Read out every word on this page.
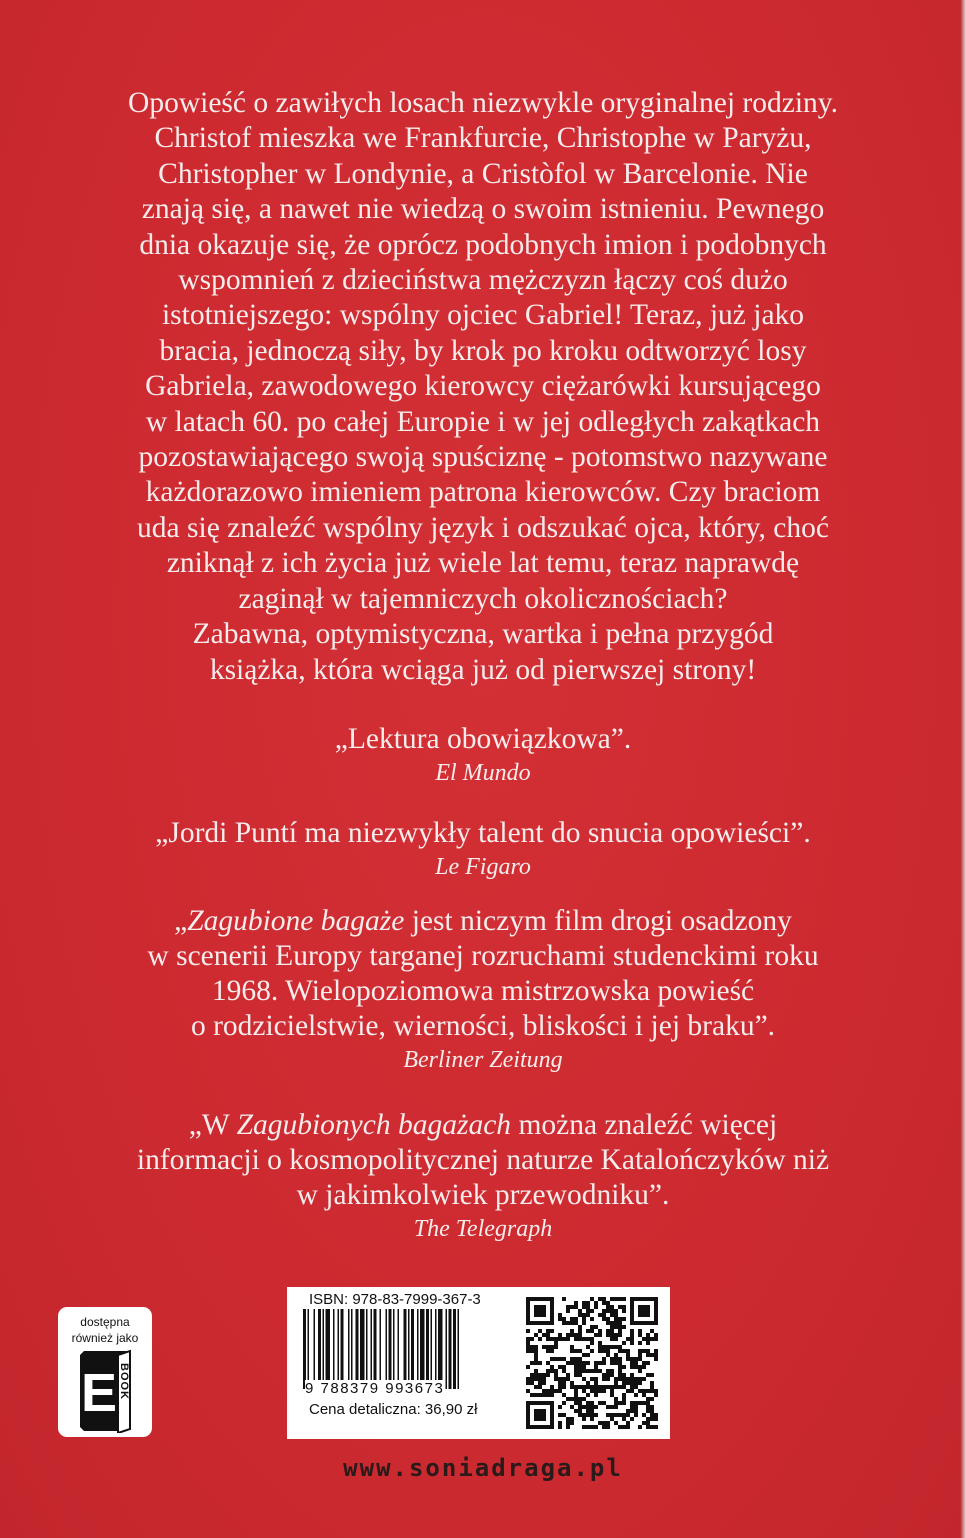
Opowieść o zawiłych losach niezwykle oryginalnej rodziny.
Christof mieszka we Frankfurcie, Christophe w Paryżu,
Christopher w Londynie, a Cristòfol w Barcelonie. Nie
znają się, a nawet nie wiedzą o swoim istnieniu. Pewnego
dnia okazuje się, że oprócz podobnych imion i podobnych
wspomnień z dzieciństwa mężczyzn łączy coś dużo
istotniejszego: wspólny ojciec Gabriel! Teraz, już jako
bracia, jednoczą siły, by krok po kroku odtworzyć losy
Gabriela, zawodowego kierowcy ciężarówki kursującego
w latach 60. po całej Europie i w jej odległych zakątkach
pozostawiającego swoją spuściznę - potomstwo nazywane
każdorazowo imieniem patrona kierowców. Czy braciom
uda się znaleźć wspólny język i odszukać ojca, który, choć
zniknął z ich życia już wiele lat temu, teraz naprawdę
zaginął w tajemniczych okolicznościach?
Zabawna, optymistyczna, wartka i pełna przygód
książka, która wciąga już od pierwszej strony!
„Lektura obowiązkowa”.
El Mundo
„Jordi Puntí ma niezwykły talent do snucia opowieści”.
Le Figaro
„Zagubione bagaże jest niczym film drogi osadzony
w scenerii Europy targanej rozruchami studenckimi roku
1968. Wielopoziomowa mistrzowska powieść
o rodzicielstwie, wierności, bliskości i jej braku”.
Berliner Zeitung
„W Zagubionych bagażach można znaleźć więcej
informacji o kosmopolitycznej naturze Katalończyków niż
w jakimkolwiek przewodniku”.
The Telegraph
dostępna
również jako
E BOOK
ISBN: 978-83-7999-367-3
9 788379 993673
Cena detaliczna: 36,90 zł
www.soniadraga.pl
